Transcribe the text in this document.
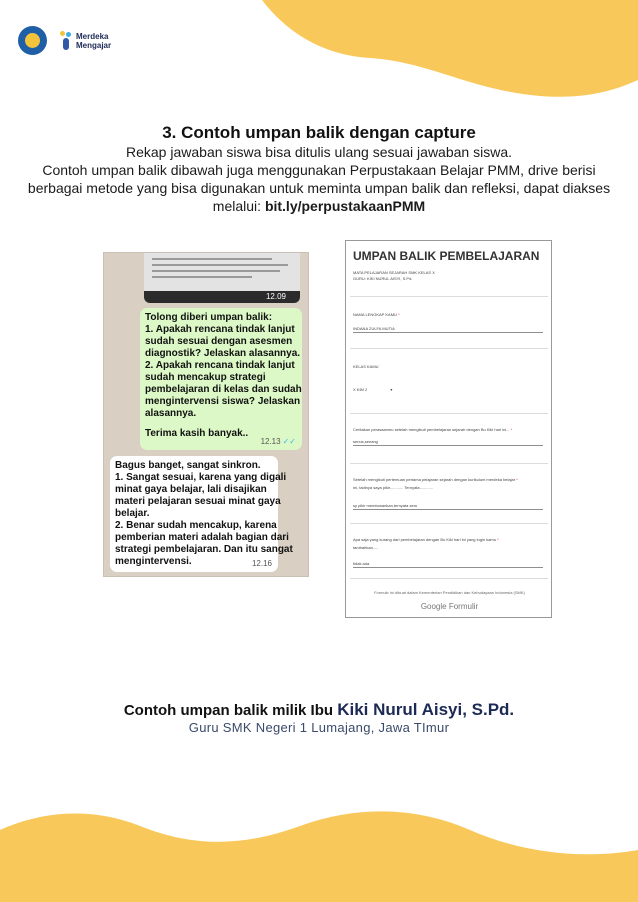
Merdeka
Mengajar
3. Contoh umpan balik dengan capture
Rekap jawaban siswa bisa ditulis ulang sesuai jawaban siswa.
Contoh umpan balik dibawah juga menggunakan Perpustakaan Belajar PMM, drive berisi
berbagai metode yang bisa digunakan untuk meminta umpan balik dan refleksi, dapat diakses
melalui: bit.ly/perpustakaanPMM
12.09
Tolong diberi umpan balik:
1. Apakah rencana tindak lanjut
sudah sesuai dengan asesmen
diagnostik? Jelaskan alasannya.
2. Apakah rencana tindak lanjut
sudah mencakup strategi
pembelajaran di kelas dan sudah
mengintervensi siswa? Jelaskan
alasannya.
Terima kasih banyak..
12.13 ✓✓
Bagus banget, sangat sinkron.
1. Sangat sesuai, karena yang digali
minat gaya belajar, lali disajikan
materi pelajaran sesuai minat gaya
belajar.
2. Benar sudah mencakup, karena
pemberian materi adalah bagian dari
strategi pembelajaran. Dan itu sangat
mengintervensi.	12.16
UMPAN BALIK PEMBELAJARAN
MATA PELAJARAN SEJARAH SMK KELAS X
GURU: KIKI NURUL AISYI, S.Pd.
NAMA LENGKAP KAMU *
INDANA ZULFA MUTIA
KELAS KAMU
X KIM 2	▾
Ceritakan perasaanmu setelah mengikuti pembelajaran sejarah dengan Bu Kiki hari ini... *
senus,senang
Setelah mengikuti pertemuan pertama pelajaran sejarah dengan kurikulum merdeka belajar *
ini, tadinya saya pikir............ Ternyata............
sy pikir membosankan,ternyata seru
Apa saja yang kurang dari pembelajaran dengan Bu Kiki hari ini yang ingin kamu *
tambahkan.....
tidak ada
Formulir ini dibuat dalam Kementerian Pendidikan dan Kebudayaan Indonesia (SMK)
Google Formulir
Contoh umpan balik milik Ibu Kiki Nurul Aisyi, S.Pd.
Guru SMK Negeri 1 Lumajang, Jawa TImur
